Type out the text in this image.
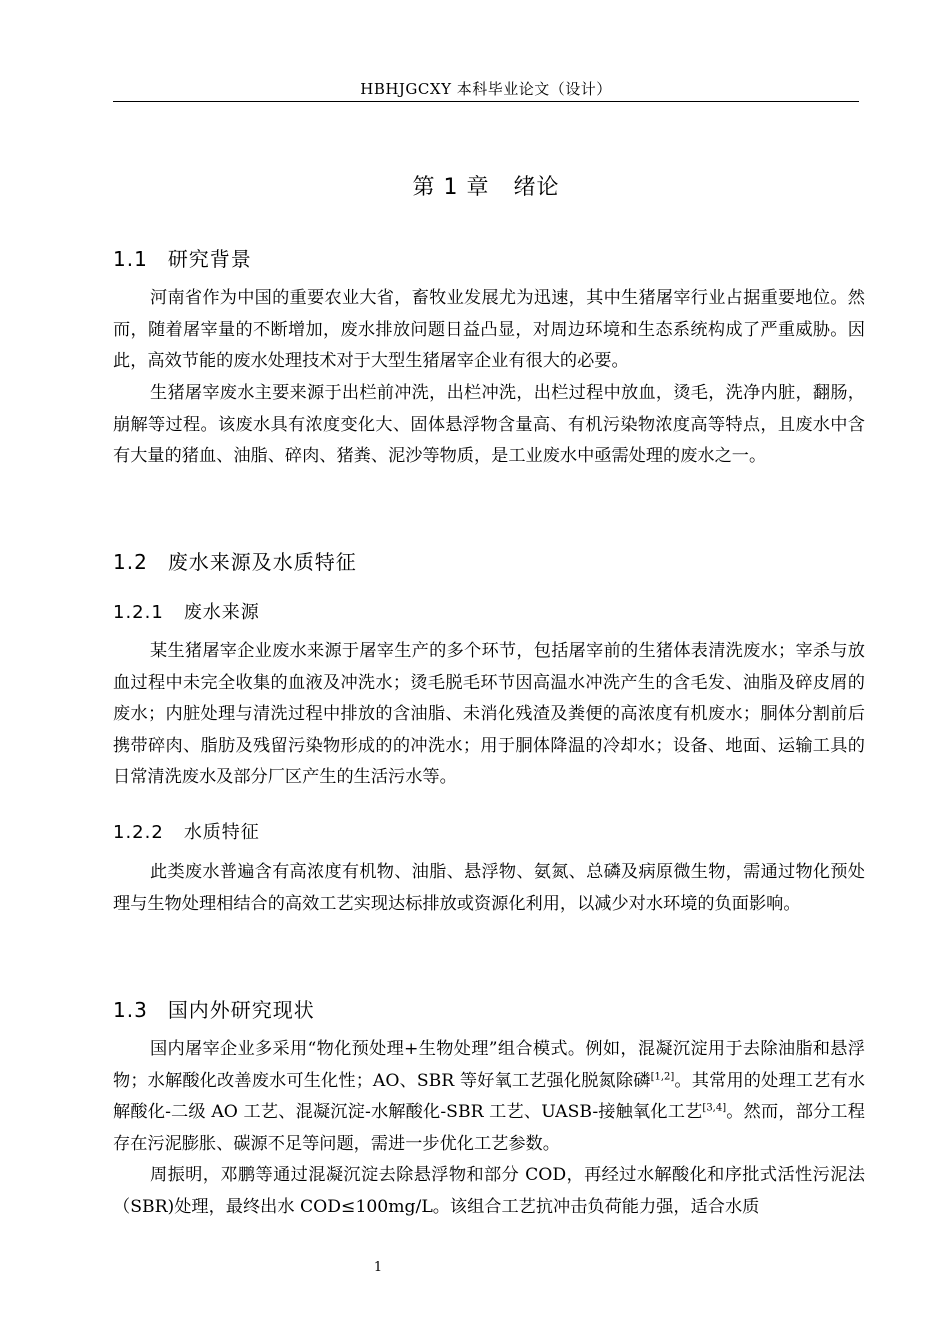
HBHJGCXY 本科毕业论文（设计）
第 1 章 绪论
1.1 研究背景

河南省作为中国的重要农业大省，畜牧业发展尤为迅速，其中生猪屠宰行业占据重要地位。然而，随着屠宰量的不断增加，废水排放问题日益凸显，对周边环境和生态系统构成了严重威胁。因此，高效节能的废水处理技术对于大型生猪屠宰企业有很大的必要。

生猪屠宰废水主要来源于出栏前冲洗，出栏冲洗，出栏过程中放血，烫毛，洗净内脏，翻肠，崩解等过程。该废水具有浓度变化大、固体悬浮物含量高、有机污染物浓度高等特点，且废水中含有大量的猪血、油脂、碎肉、猪粪、泥沙等物质，是工业废水中亟需处理的废水之一。

1.2 废水来源及水质特征
1.2.1 废水来源

某生猪屠宰企业废水来源于屠宰生产的多个环节，包括屠宰前的生猪体表清洗废水；宰杀与放血过程中未完全收集的血液及冲洗水；烫毛脱毛环节因高温水冲洗产生的含毛发、油脂及碎皮屑的废水；内脏处理与清洗过程中排放的含油脂、未消化残渣及粪便的高浓度有机废水；胴体分割前后携带碎肉、脂肪及残留污染物形成的的冲洗水；用于胴体降温的冷却水；设备、地面、运输工具的日常清洗废水及部分厂区产生的生活污水等。

1.2.2 水质特征

此类废水普遍含有高浓度有机物、油脂、悬浮物、氨氮、总磷及病原微生物，需通过物化预处理与生物处理相结合的高效工艺实现达标排放或资源化利用，以减少对水环境的负面影响。

1.3 国内外研究现状

国内屠宰企业多采用“物化预处理+生物处理”组合模式。例如，混凝沉淀用于去除油脂和悬浮物；水解酸化改善废水可生化性；AO、SBR 等好氧工艺强化脱氮除磷[1,2]。其常用的处理工艺有水解酸化-二级 AO 工艺、混凝沉淀-水解酸化-SBR 工艺、UASB-接触氧化工艺[3,4]。然而，部分工程存在污泥膨胀、碳源不足等问题，需进一步优化工艺参数。

周振明，邓鹏等通过混凝沉淀去除悬浮物和部分 COD，再经过水解酸化和序批式活性污泥法（SBR)处理，最终出水 COD≤100mg/L。该组合工艺抗冲击负荷能力强，适合水质

1
